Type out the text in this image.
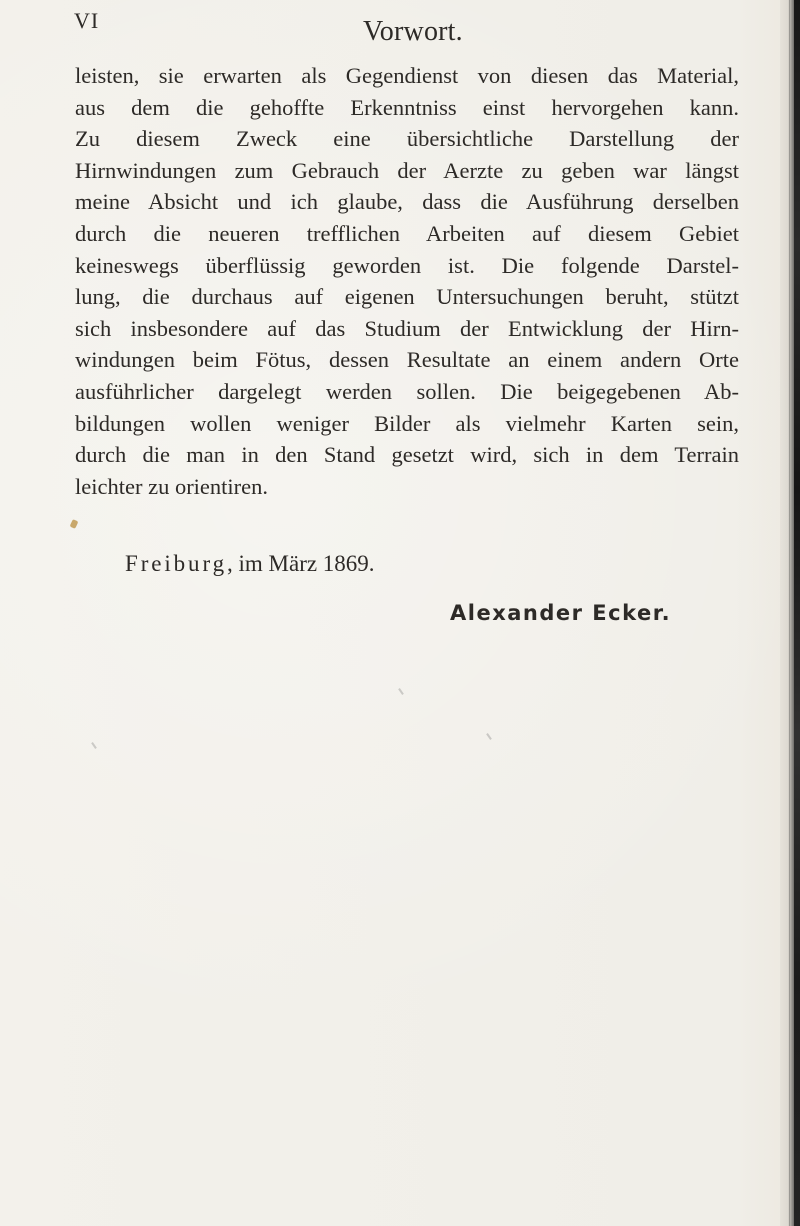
VI	Vorwort.
leisten, sie erwarten als Gegendienst von diesen das Material,
aus dem die gehoffte Erkenntniss einst hervorgehen kann.
Zu diesem Zweck eine übersichtliche Darstellung der
Hirnwindungen zum Gebrauch der Aerzte zu geben war längst
meine Absicht und ich glaube, dass die Ausführung derselben
durch die neueren trefflichen Arbeiten auf diesem Gebiet
keineswegs überflüssig geworden ist. Die folgende Darstel-
lung, die durchaus auf eigenen Untersuchungen beruht, stützt
sich insbesondere auf das Studium der Entwicklung der Hirn-
windungen beim Fötus, dessen Resultate an einem andern Orte
ausführlicher dargelegt werden sollen. Die beigegebenen Ab-
bildungen wollen weniger Bilder als vielmehr Karten sein,
durch die man in den Stand gesetzt wird, sich in dem Terrain
leichter zu orientiren.
Freiburg, im März 1869.
Alexander Ecker.
